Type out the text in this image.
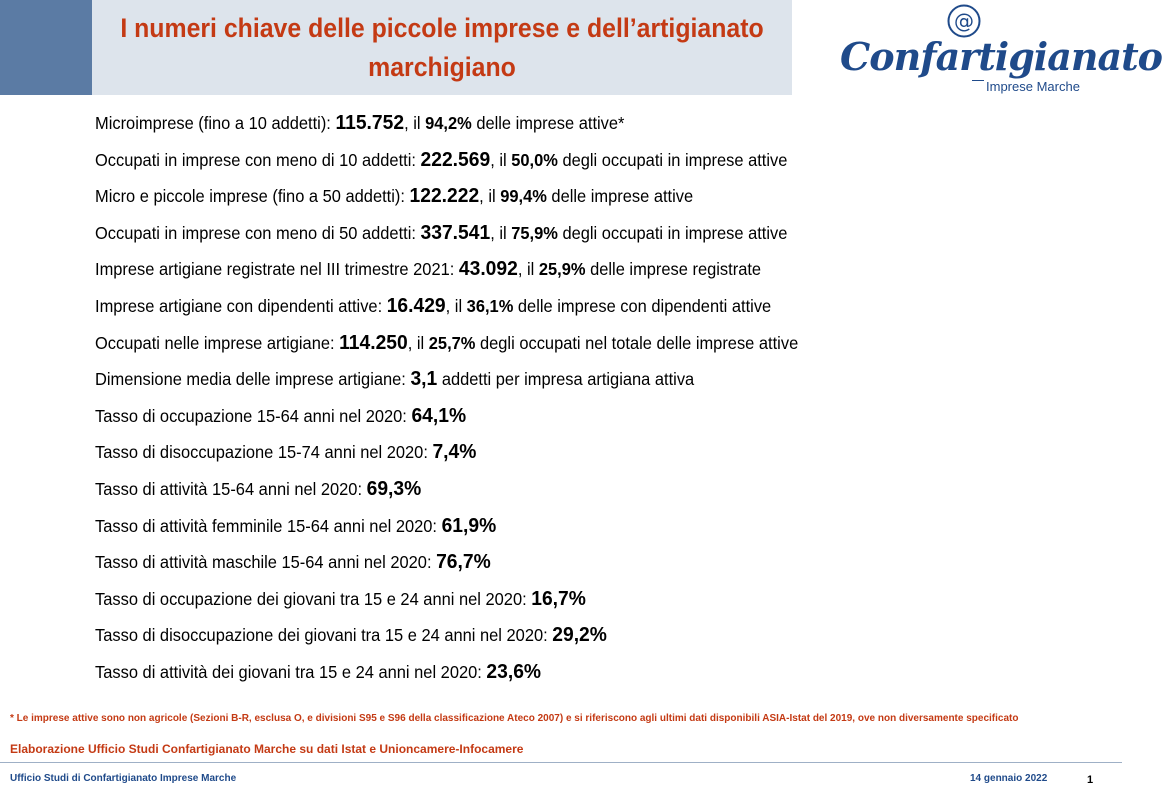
I numeri chiave delle piccole imprese e dell’artigianato marchigiano
@
Confartigianato
Imprese Marche
Microimprese (fino a 10 addetti): 115.752, il 94,2% delle imprese attive*
Occupati in imprese con meno di 10 addetti: 222.569, il 50,0% degli occupati in imprese attive
Micro e piccole imprese (fino a 50 addetti): 122.222, il 99,4% delle imprese attive
Occupati in imprese con meno di 50 addetti: 337.541, il 75,9% degli occupati in imprese attive
Imprese artigiane registrate nel III trimestre 2021: 43.092, il 25,9% delle imprese registrate
Imprese artigiane con dipendenti attive: 16.429, il 36,1% delle imprese con dipendenti attive
Occupati nelle imprese artigiane: 114.250, il 25,7% degli occupati nel totale delle imprese attive
Dimensione media delle imprese artigiane: 3,1 addetti per impresa artigiana attiva
Tasso di occupazione 15-64 anni nel 2020: 64,1%
Tasso di disoccupazione 15-74 anni nel 2020: 7,4%
Tasso di attività 15-64 anni nel 2020: 69,3%
Tasso di attività femminile 15-64 anni nel 2020: 61,9%
Tasso di attività maschile 15-64 anni nel 2020: 76,7%
Tasso di occupazione dei giovani tra 15 e 24 anni nel 2020: 16,7%
Tasso di disoccupazione dei giovani tra 15 e 24 anni nel 2020: 29,2%
Tasso di attività dei giovani tra 15 e 24 anni nel 2020: 23,6%
* Le imprese attive sono non agricole (Sezioni B-R, esclusa O, e divisioni S95 e S96 della classificazione Ateco 2007) e si riferiscono agli ultimi dati disponibili ASIA-Istat del 2019, ove non diversamente specificato
Elaborazione Ufficio Studi Confartigianato Marche su dati Istat e Unioncamere-Infocamere
Ufficio Studi di Confartigianato Imprese Marche	14 gennaio 2022	1
